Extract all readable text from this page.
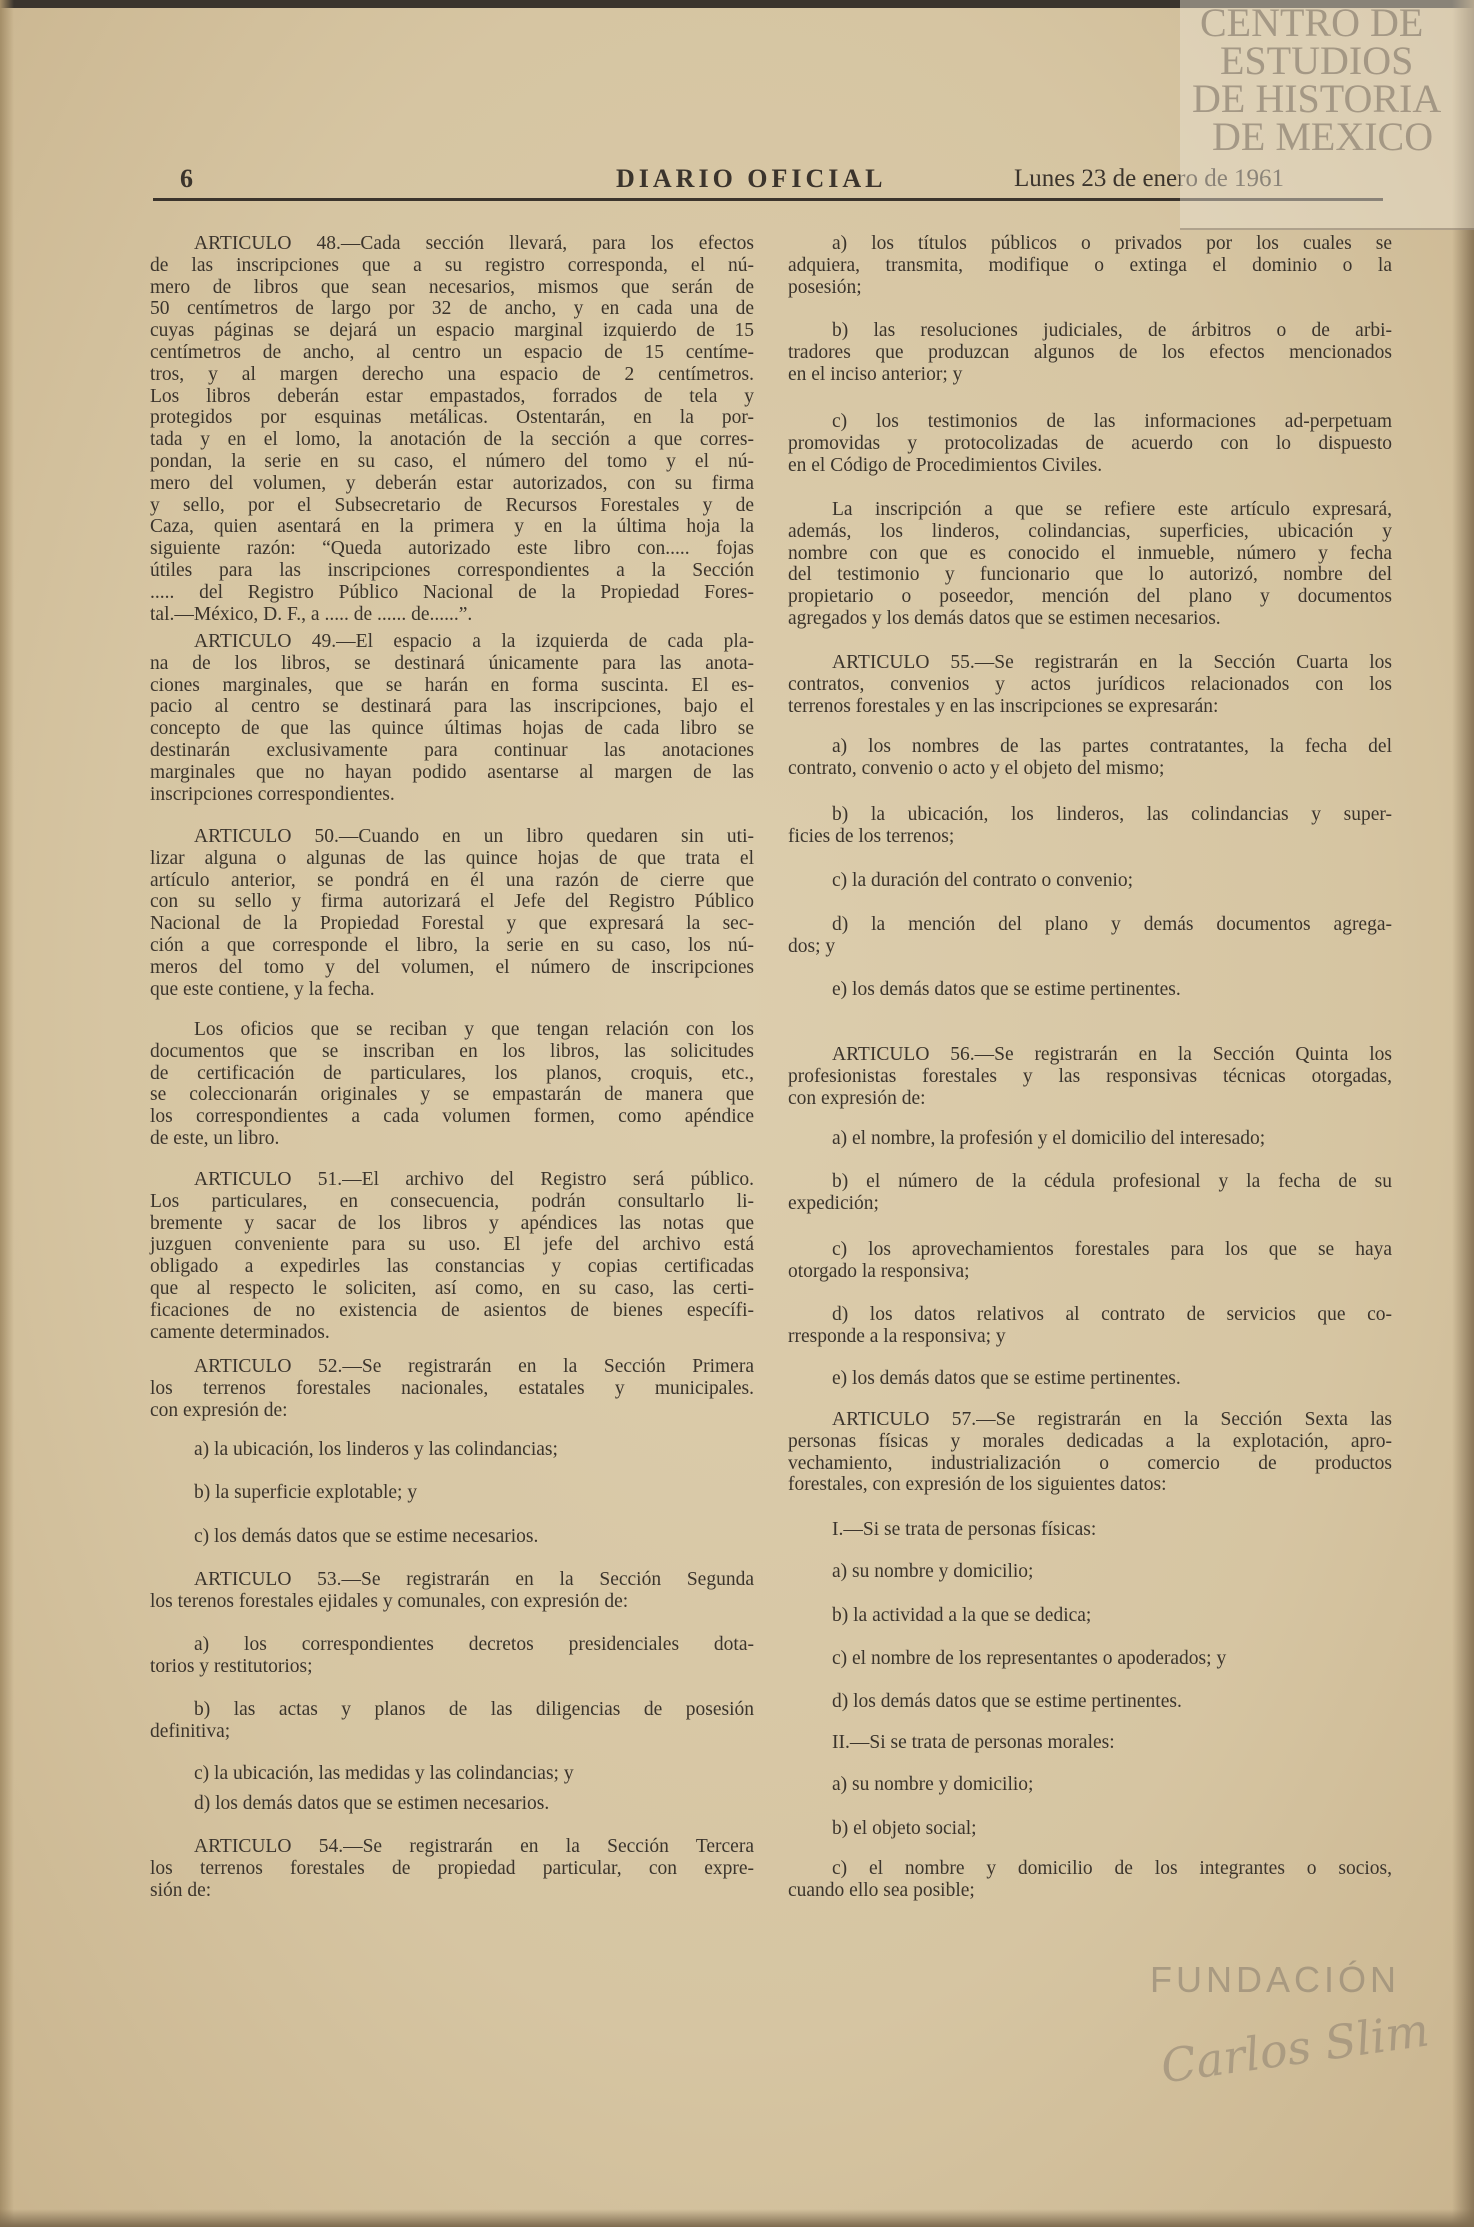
6	DIARIO OFICIAL	Lunes 23 de enero de 1961
ARTICULO 48.—Cada sección llevará, para los efectos
de las inscripciones que a su registro corresponda, el nú-
mero de libros que sean necesarios, mismos que serán de
50 centímetros de largo por 32 de ancho, y en cada una de
cuyas páginas se dejará un espacio marginal izquierdo de 15
centímetros de ancho, al centro un espacio de 15 centíme-
tros, y al margen derecho una espacio de 2 centímetros.
Los libros deberán estar empastados, forrados de tela y
protegidos por esquinas metálicas. Ostentarán, en la por-
tada y en el lomo, la anotación de la sección a que corres-
pondan, la serie en su caso, el número del tomo y el nú-
mero del volumen, y deberán estar autorizados, con su firma
y sello, por el Subsecretario de Recursos Forestales y de
Caza, quien asentará en la primera y en la última hoja la
siguiente razón: “Queda autorizado este libro con..... fojas
útiles para las inscripciones correspondientes a la Sección
..... del Registro Público Nacional de la Propiedad Fores-
tal.—México, D. F., a ..... de ...... de......”.
ARTICULO 49.—El espacio a la izquierda de cada pla-
na de los libros, se destinará únicamente para las anota-
ciones marginales, que se harán en forma suscinta. El es-
pacio al centro se destinará para las inscripciones, bajo el
concepto de que las quince últimas hojas de cada libro se
destinarán exclusivamente para continuar las anotaciones
marginales que no hayan podido asentarse al margen de las
inscripciones correspondientes.
ARTICULO 50.—Cuando en un libro quedaren sin uti-
lizar alguna o algunas de las quince hojas de que trata el
artículo anterior, se pondrá en él una razón de cierre que
con su sello y firma autorizará el Jefe del Registro Público
Nacional de la Propiedad Forestal y que expresará la sec-
ción a que corresponde el libro, la serie en su caso, los nú-
meros del tomo y del volumen, el número de inscripciones
que este contiene, y la fecha.
Los oficios que se reciban y que tengan relación con los
documentos que se inscriban en los libros, las solicitudes
de certificación de particulares, los planos, croquis, etc.,
se coleccionarán originales y se empastarán de manera que
los correspondientes a cada volumen formen, como apéndice
de este, un libro.
ARTICULO 51.—El archivo del Registro será público.
Los particulares, en consecuencia, podrán consultarlo li-
bremente y sacar de los libros y apéndices las notas que
juzguen conveniente para su uso. El jefe del archivo está
obligado a expedirles las constancias y copias certificadas
que al respecto le soliciten, así como, en su caso, las certi-
ficaciones de no existencia de asientos de bienes específi-
camente determinados.
ARTICULO 52.—Se registrarán en la Sección Primera
los terrenos forestales nacionales, estatales y municipales.
con expresión de:
a) la ubicación, los linderos y las colindancias;
b) la superficie explotable; y
c) los demás datos que se estime necesarios.
ARTICULO 53.—Se registrarán en la Sección Segunda
los terenos forestales ejidales y comunales, con expresión de:
a) los correspondientes decretos presidenciales dota-
torios y restitutorios;
b) las actas y planos de las diligencias de posesión
definitiva;
c) la ubicación, las medidas y las colindancias; y
d) los demás datos que se estimen necesarios.
ARTICULO 54.—Se registrarán en la Sección Tercera
los terrenos forestales de propiedad particular, con expre-
sión de:
a) los títulos públicos o privados por los cuales se
adquiera, transmita, modifique o extinga el dominio o la
posesión;
b) las resoluciones judiciales, de árbitros o de arbi-
tradores que produzcan algunos de los efectos mencionados
en el inciso anterior; y
c) los testimonios de las informaciones ad-perpetuam
promovidas y protocolizadas de acuerdo con lo dispuesto
en el Código de Procedimientos Civiles.
La inscripción a que se refiere este artículo expresará,
además, los linderos, colindancias, superficies, ubicación y
nombre con que es conocido el inmueble, número y fecha
del testimonio y funcionario que lo autorizó, nombre del
propietario o poseedor, mención del plano y documentos
agregados y los demás datos que se estimen necesarios.
ARTICULO 55.—Se registrarán en la Sección Cuarta los
contratos, convenios y actos jurídicos relacionados con los
terrenos forestales y en las inscripciones se expresarán:
a) los nombres de las partes contratantes, la fecha del
contrato, convenio o acto y el objeto del mismo;
b) la ubicación, los linderos, las colindancias y super-
ficies de los terrenos;
c) la duración del contrato o convenio;
d) la mención del plano y demás documentos agrega-
dos; y
e) los demás datos que se estime pertinentes.
ARTICULO 56.—Se registrarán en la Sección Quinta los
profesionistas forestales y las responsivas técnicas otorgadas,
con expresión de:
a) el nombre, la profesión y el domicilio del interesado;
b) el número de la cédula profesional y la fecha de su
expedición;
c) los aprovechamientos forestales para los que se haya
otorgado la responsiva;
d) los datos relativos al contrato de servicios que co-
rresponde a la responsiva; y
e) los demás datos que se estime pertinentes.
ARTICULO 57.—Se registrarán en la Sección Sexta las
personas físicas y morales dedicadas a la explotación, apro-
vechamiento, industrialización o comercio de productos
forestales, con expresión de los siguientes datos:
I.—Si se trata de personas físicas:
a) su nombre y domicilio;
b) la actividad a la que se dedica;
c) el nombre de los representantes o apoderados; y
d) los demás datos que se estime pertinentes.
II.—Si se trata de personas morales:
a) su nombre y domicilio;
b) el objeto social;
c) el nombre y domicilio de los integrantes o socios,
cuando ello sea posible;
CENTRO DE
ESTUDIOS
DE HISTORIA
DE MEXICO
FUNDACIÓN
Carlos Slim
